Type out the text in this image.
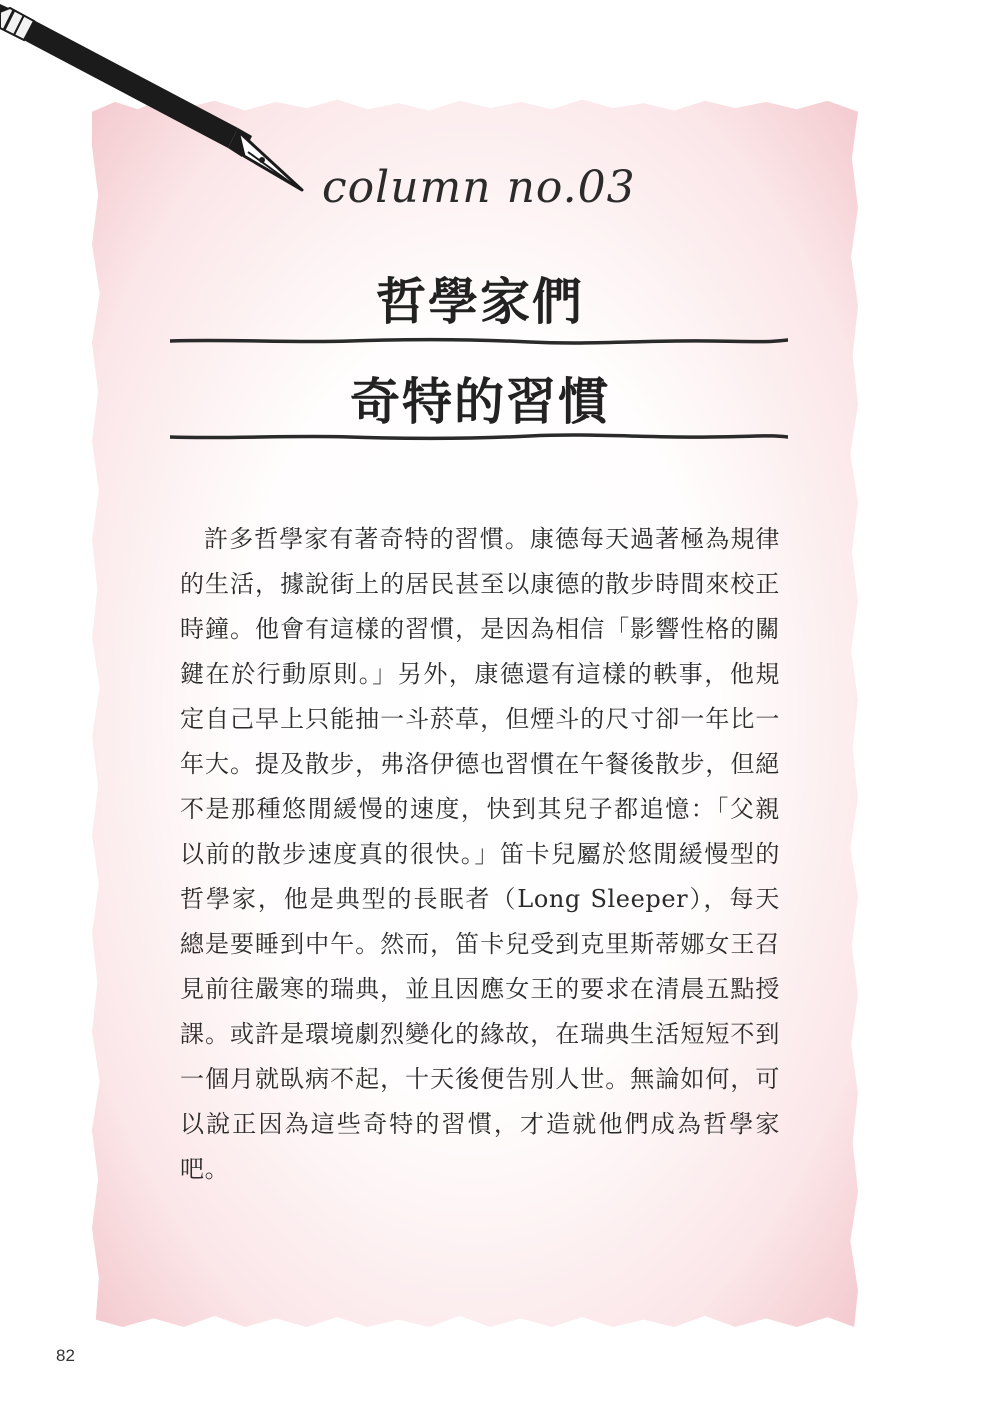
column no.03
哲學家們
奇特的習慣
許多哲學家有著奇特的習慣。康德每天過著極為規律的生活，據說街上的居民甚至以康德的散步時間來校正時鐘。他會有這樣的習慣，是因為相信「影響性格的關鍵在於行動原則。」另外，康德還有這樣的軼事，他規定自己早上只能抽一斗菸草，但煙斗的尺寸卻一年比一年大。提及散步，弗洛伊德也習慣在午餐後散步，但絕不是那種悠閒緩慢的速度，快到其兒子都追憶：「父親以前的散步速度真的很快。」笛卡兒屬於悠閒緩慢型的哲學家，他是典型的長眠者（Long Sleeper），每天總是要睡到中午。然而，笛卡兒受到克里斯蒂娜女王召見前往嚴寒的瑞典，並且因應女王的要求在清晨五點授課。或許是環境劇烈變化的緣故，在瑞典生活短短不到一個月就臥病不起，十天後便告別人世。無論如何，可以說正因為這些奇特的習慣，才造就他們成為哲學家吧。
82
